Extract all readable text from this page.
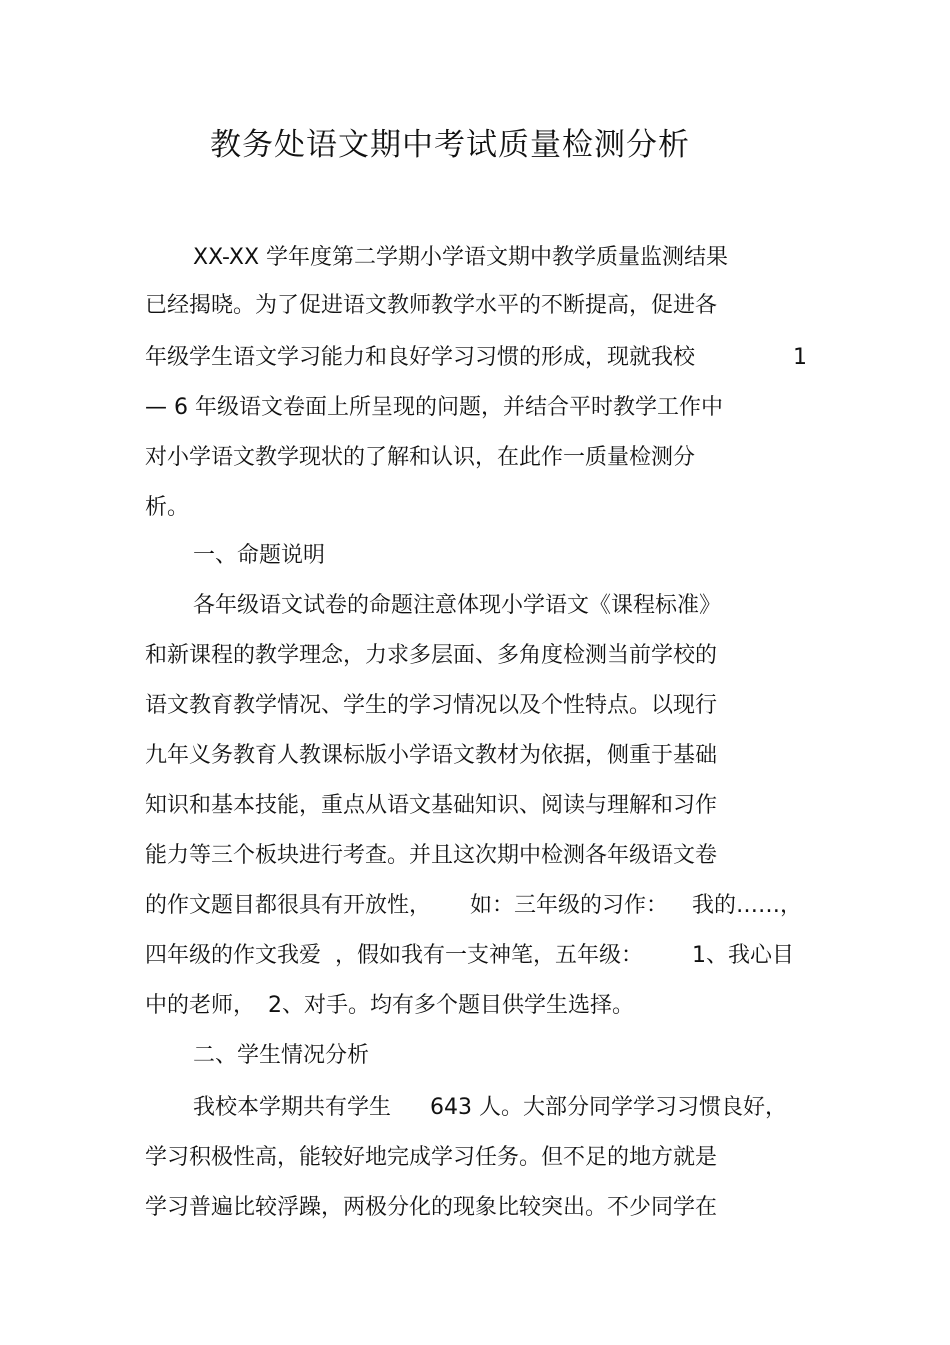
教务处语文期中考试质量检测分析
XX-XX 学年度第二学期小学语文期中教学质量监测结果
已经揭晓。为了促进语文教师教学水平的不断提高，促进各
年级学生语文学习能力和良好学习习惯的形成，现就我校	1
— 6 年级语文卷面上所呈现的问题，并结合平时教学工作中
对小学语文教学现状的了解和认识，在此作一质量检测分
析。
一、命题说明
各年级语文试卷的命题注意体现小学语文《课程标准》
和新课程的教学理念，力求多层面、多角度检测当前学校的
语文教育教学情况、学生的学习情况以及个性特点。以现行
九年义务教育人教课标版小学语文教材为依据，侧重于基础
知识和基本技能，重点从语文基础知识、阅读与理解和习作
能力等三个板块进行考查。并且这次期中检测各年级语文卷
的作文题目都很具有开放性， 如：三年级的习作： 我的……，
四年级的作文我爱 ，假如我有一支神笔，五年级： 1、我心目
中的老师， 2、对手。均有多个题目供学生选择。
二、学生情况分析
我校本学期共有学生 643 人。大部分同学学习习惯良好，
学习积极性高，能较好地完成学习任务。但不足的地方就是
学习普遍比较浮躁，两极分化的现象比较突出。不少同学在
